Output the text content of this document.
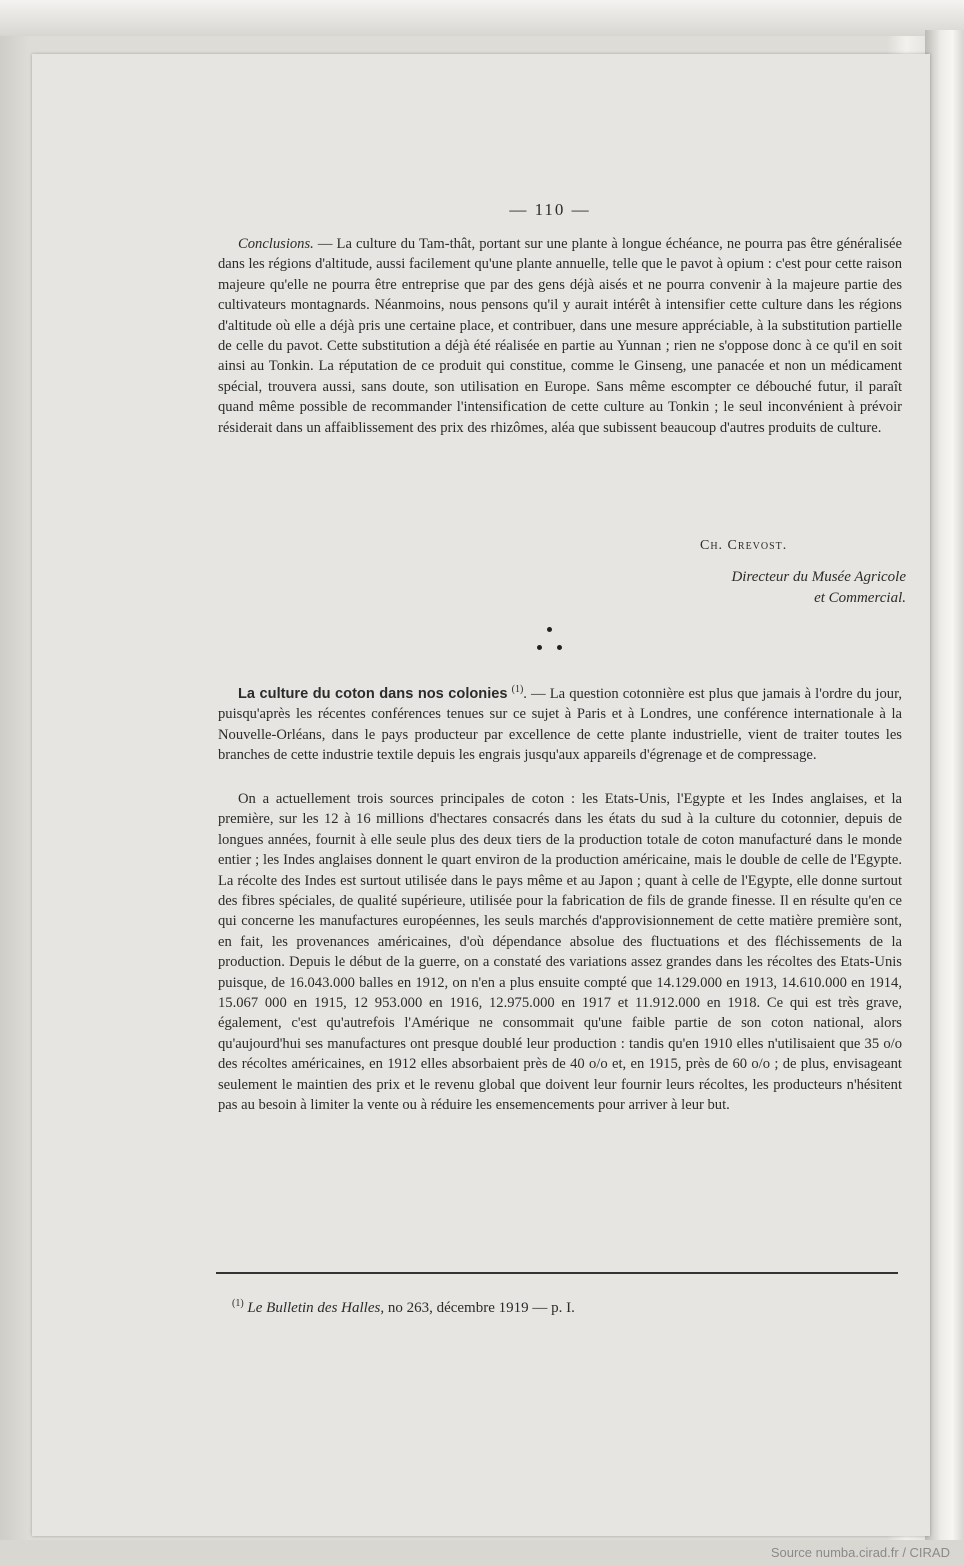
— 110 —

Conclusions. — La culture du Tam-thât, portant sur une plante à longue échéance, ne pourra pas être généralisée dans les régions d'altitude, aussi facilement qu'une plante annuelle, telle que le pavot à opium : c'est pour cette raison majeure qu'elle ne pourra être entreprise que par des gens déjà aisés et ne pourra convenir à la majeure partie des cultivateurs montagnards. Néanmoins, nous pensons qu'il y aurait intérêt à intensifier cette culture dans les régions d'altitude où elle a déjà pris une certaine place, et contribuer, dans une mesure appréciable, à la substitution partielle de celle du pavot. Cette substitution a déjà été réalisée en partie au Yunnan ; rien ne s'oppose donc à ce qu'il en soit ainsi au Tonkin. La réputation de ce produit qui constitue, comme le Ginseng, une panacée et non un médicament spécial, trouvera aussi, sans doute, son utilisation en Europe. Sans même escompter ce débouché futur, il paraît quand même possible de recommander l'intensification de cette culture au Tonkin ; le seul inconvénient à prévoir résiderait dans un affaiblissement des prix des rhizômes, aléa que subissent beaucoup d'autres produits de culture.

Ch. Crevost.
Directeur du Musée Agricole
et Commercial.

La culture du coton dans nos colonies $^{(1)}$. — La question cotonnière est plus que jamais à l'ordre du jour, puisqu'après les récentes conférences tenues sur ce sujet à Paris et à Londres, une conférence internationale à la Nouvelle-Orléans, dans le pays producteur par excellence de cette plante industrielle, vient de traiter toutes les branches de cette industrie textile depuis les engrais jusqu'aux appareils d'égrenage et de compressage.

On a actuellement trois sources principales de coton : les Etats-Unis, l'Egypte et les Indes anglaises, et la première, sur les 12 à 16 millions d'hectares consacrés dans les états du sud à la culture du cotonnier, depuis de longues années, fournit à elle seule plus des deux tiers de la production totale de coton manufacturé dans le monde entier ; les Indes anglaises donnent le quart environ de la production américaine, mais le double de celle de l'Egypte. La récolte des Indes est surtout utilisée dans le pays même et au Japon ; quant à celle de l'Egypte, elle donne surtout des fibres spéciales, de qualité supérieure, utilisée pour la fabrication de fils de grande finesse. Il en résulte qu'en ce qui concerne les manufactures européennes, les seuls marchés d'approvisionnement de cette matière première sont, en fait, les provenances américaines, d'où dépendance absolue des fluctuations et des fléchissements de la production. Depuis le début de la guerre, on a constaté des variations assez grandes dans les récoltes des Etats-Unis puisque, de 16.043.000 balles en 1912, on n'en a plus ensuite compté que 14.129.000 en 1913, 14.610.000 en 1914, 15.067 000 en 1915, 12 953.000 en 1916, 12.975.000 en 1917 et 11.912.000 en 1918. Ce qui est très grave, également, c'est qu'autrefois l'Amérique ne consommait qu'une faible partie de son coton national, alors qu'aujourd'hui ses manufactures ont presque doublé leur production : tandis qu'en 1910 elles n'utilisaient que 35 o/o des récoltes américaines, en 1912 elles absorbaient près de 40 o/o et, en 1915, près de 60 o/o ; de plus, envisageant seulement le maintien des prix et le revenu global que doivent leur fournir leurs récoltes, les producteurs n'hésitent pas au besoin à limiter la vente ou à réduire les ensemencements pour arriver à leur but.

$^{(1)}$ Le Bulletin des Halles, no 263, décembre 1919 — p. I.
Source numba.cirad.fr / CIRAD
